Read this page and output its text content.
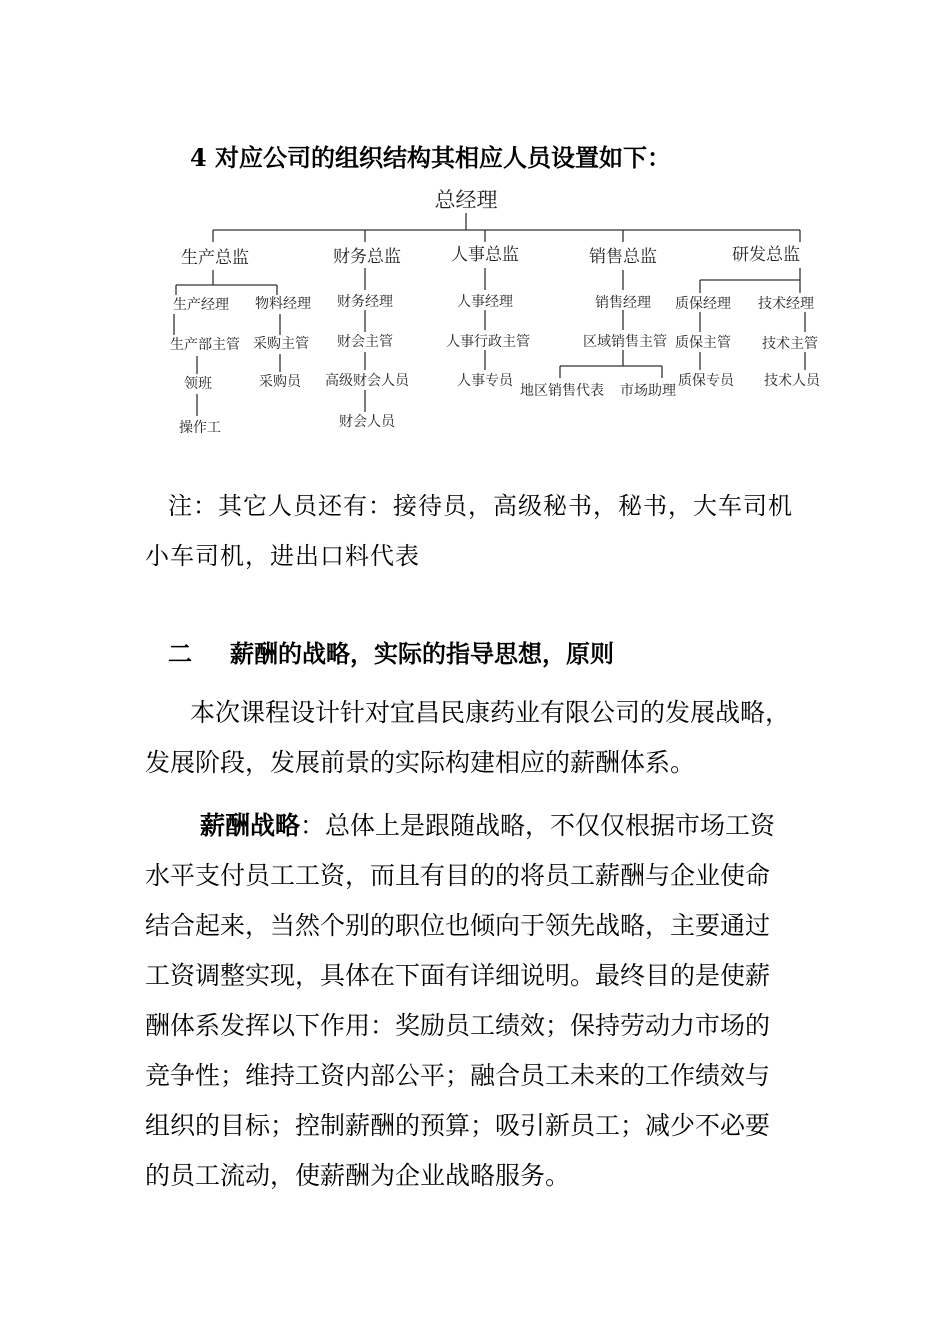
4 对应公司的组织结构其相应人员设置如下：
总经理
生产总监	财务总监	人事总监	销售总监	研发总监
生产经理
生产部主管
领班
操作工
物料经理
采购主管
采购员
财务经理
财会主管
高级财会人员
财会人员
人事经理
人事行政主管
人事专员
销售经理
区域销售主管
地区销售代表 市场助理
质保经理
质保主管
质保专员
技术经理
技术主管
技术人员
注：其它人员还有：接待员，高级秘书，秘书，大车司机
小车司机，进出口料代表
二 薪酬的战略，实际的指导思想，原则
本次课程设计针对宜昌民康药业有限公司的发展战略，
发展阶段，发展前景的实际构建相应的薪酬体系。
薪酬战略：总体上是跟随战略，不仅仅根据市场工资
水平支付员工工资，而且有目的的将员工薪酬与企业使命
结合起来，当然个别的职位也倾向于领先战略，主要通过
工资调整实现，具体在下面有详细说明。最终目的是使薪
酬体系发挥以下作用：奖励员工绩效；保持劳动力市场的
竞争性；维持工资内部公平；融合员工未来的工作绩效与
组织的目标；控制薪酬的预算；吸引新员工；减少不必要
的员工流动，使薪酬为企业战略服务。
